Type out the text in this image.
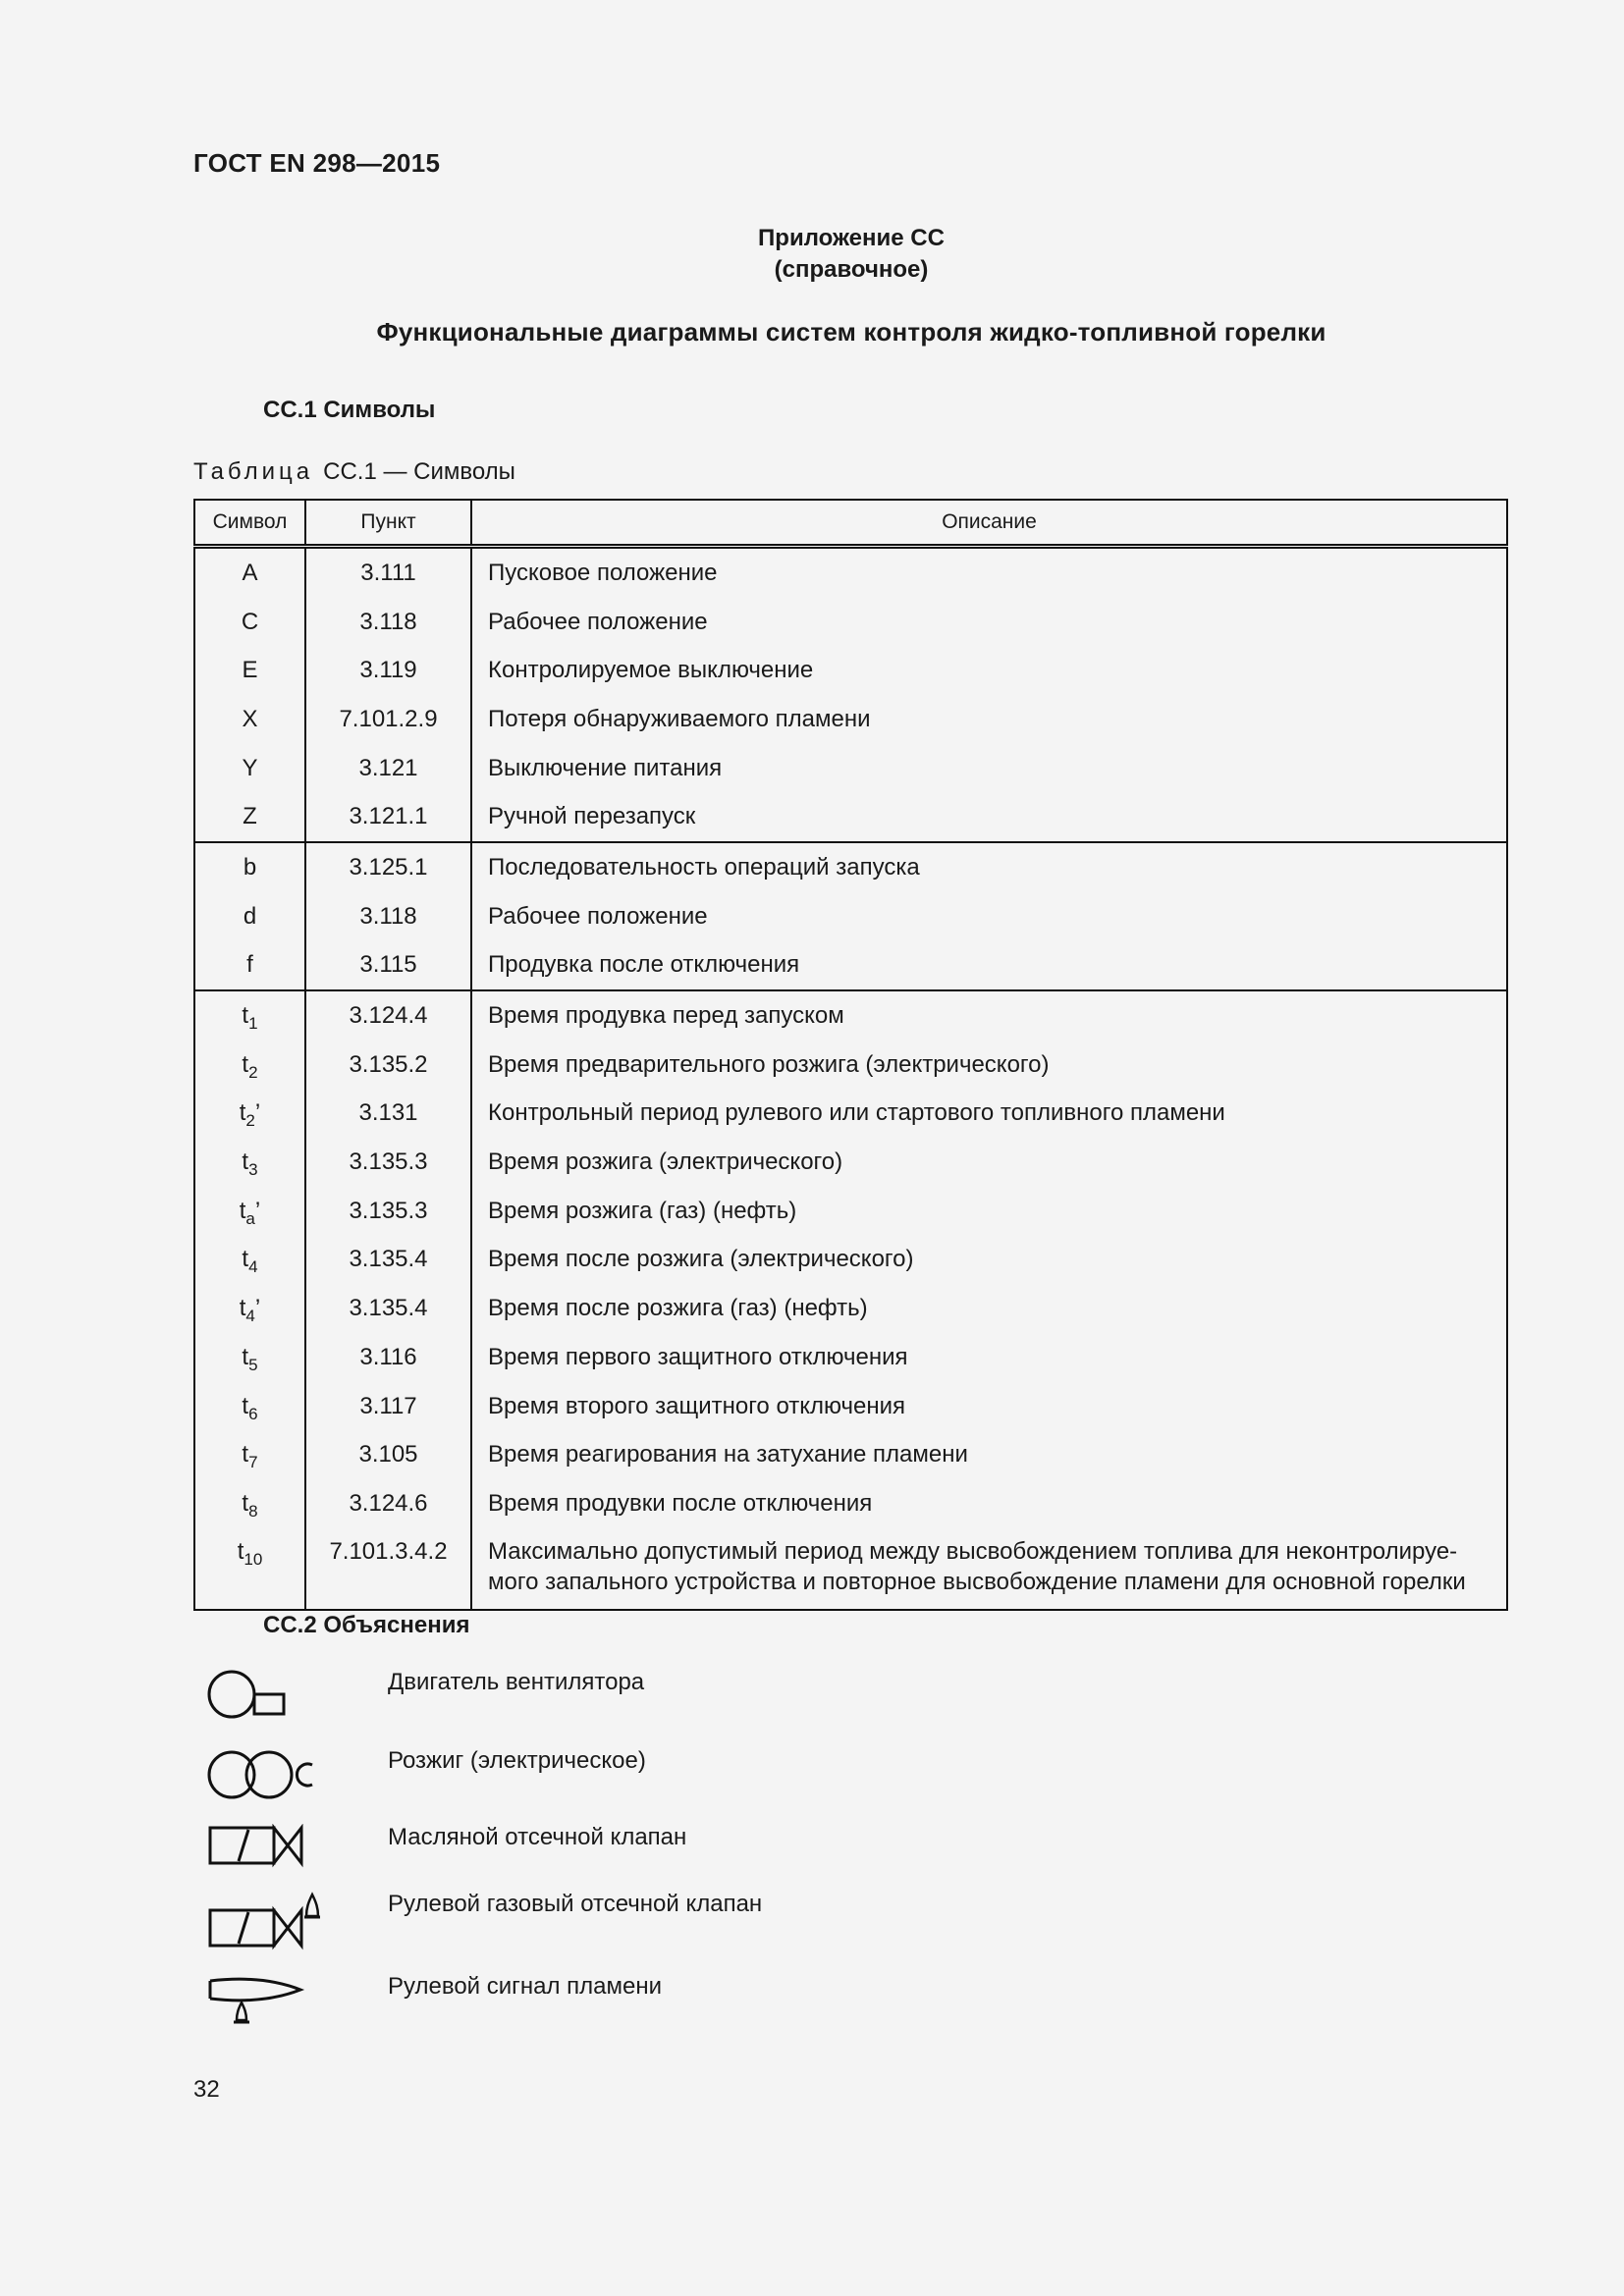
ГОСТ EN 298—2015
Приложение СС
(справочное)
Функциональные диаграммы систем контроля жидко-топливной горелки
СС.1 Символы
Таблица СС.1 — Символы
Символ	Пункт	Описание
A	3.111	Пусковое положение

C	3.118	Рабочее положение

E	3.119	Контролируемое выключение

X	7.101.2.9	Потеря обнаруживаемого пламени

Y	3.121	Выключение питания

Z	3.121.1	Ручной перезапуск

b	3.125.1	Последовательность операций запуска

d	3.118	Рабочее положение

f	3.115	Продувка после отключения

$t_1$	3.124.4	Время продувка перед запуском

$t_2$	3.135.2	Время предварительного розжига (электрического)

$t_2$’	3.131	Контрольный период рулевого или стартового топливного пламени

$t_3$	3.135.3	Время розжига (электрического)

$t_a$’	3.135.3	Время розжига (газ) (нефть)

$t_4$	3.135.4	Время после розжига (электрического)

$t_4$’	3.135.4	Время после розжига (газ) (нефть)

$t_5$	3.116	Время первого защитного отключения

$t_6$	3.117	Время второго защитного отключения

$t_7$	3.105	Время реагирования на затухание пламени

$t_8$	3.124.6	Время продувки после отключения

$t_{10}$	7.101.3.4.2	Максимально допустимый период между высвобождением топлива для неконтролируе-
мого запального устройства и повторное высвобождение пламени для основной горелки
СС.2 Объяснения
Двигатель вентилятора
Розжиг (электрическое)
Масляной отсечной клапан
Рулевой газовый отсечной клапан
Рулевой сигнал пламени
32
